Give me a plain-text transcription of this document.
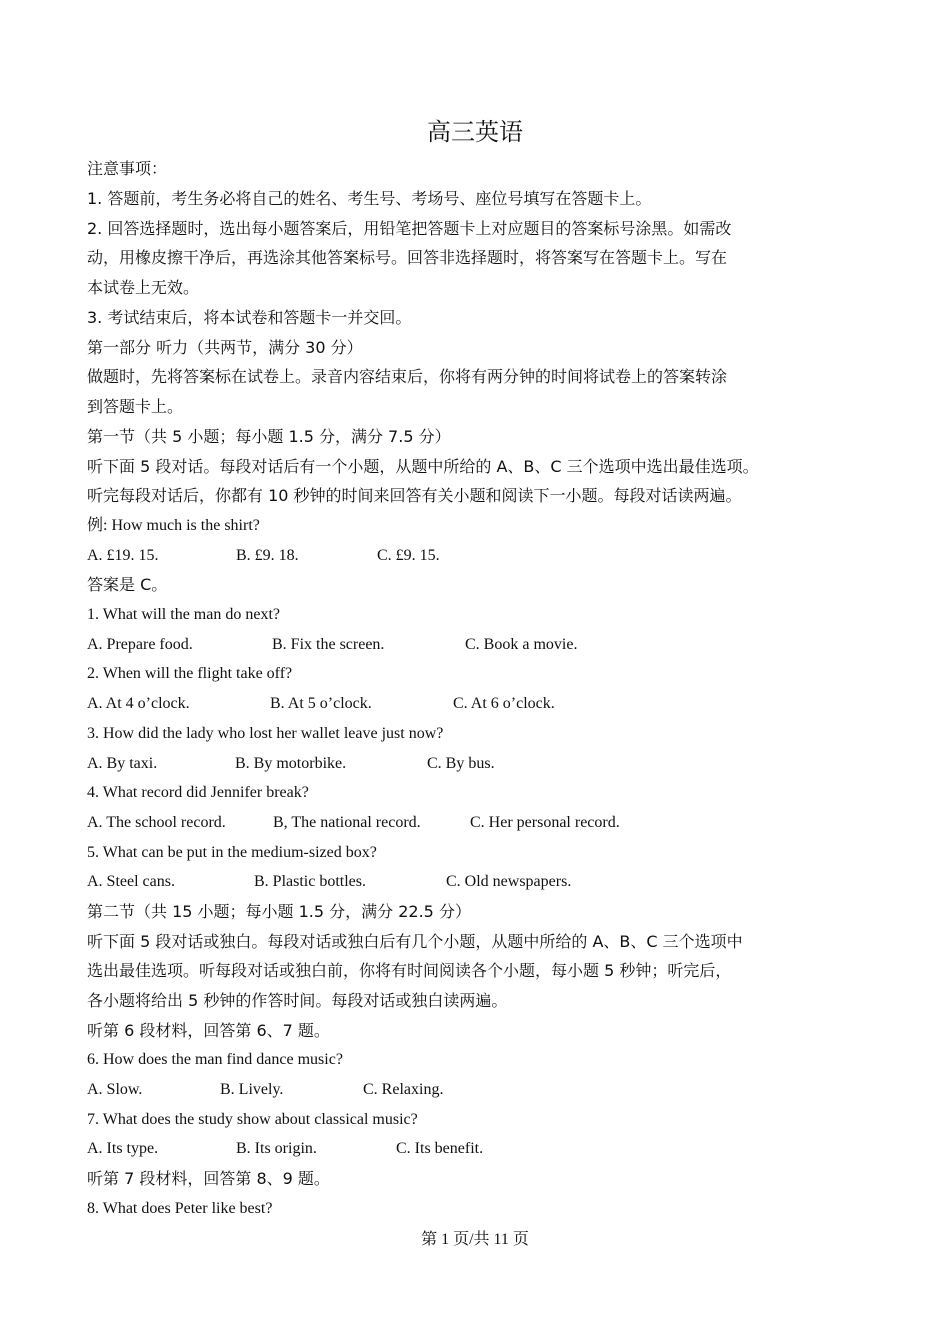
高三英语
注意事项：
1. 答题前，考生务必将自己的姓名、考生号、考场号、座位号填写在答题卡上。
2. 回答选择题时，选出每小题答案后，用铅笔把答题卡上对应题目的答案标号涂黑。如需改
动，用橡皮擦干净后，再选涂其他答案标号。回答非选择题时，将答案写在答题卡上。写在
本试卷上无效。
3. 考试结束后，将本试卷和答题卡一并交回。
第一部分 听力（共两节，满分 30 分）
做题时，先将答案标在试卷上。录音内容结束后，你将有两分钟的时间将试卷上的答案转涂
到答题卡上。
第一节（共 5 小题；每小题 1.5 分，满分 7.5 分）
听下面 5 段对话。每段对话后有一个小题，从题中所给的 A、B、C 三个选项中选出最佳选项。
听完每段对话后，你都有 10 秒钟的时间来回答有关小题和阅读下一小题。每段对话读两遍。
例: How much is the shirt?
A. £19. 15.	B. £9. 18.	C. £9. 15.
答案是 C。
1. What will the man do next?
A. Prepare food.	B. Fix the screen.	C. Book a movie.
2. When will the flight take off?
A. At 4 o’clock.	B. At 5 o’clock.	C. At 6 o’clock.
3. How did the lady who lost her wallet leave just now?
A. By taxi.	B. By motorbike.	C. By bus.
4. What record did Jennifer break?
A. The school record.	B, The national record.	C. Her personal record.
5. What can be put in the medium-sized box?
A. Steel cans.	B. Plastic bottles.	C. Old newspapers.
第二节（共 15 小题；每小题 1.5 分，满分 22.5 分）
听下面 5 段对话或独白。每段对话或独白后有几个小题，从题中所给的 A、B、C 三个选项中
选出最佳选项。听每段对话或独白前，你将有时间阅读各个小题，每小题 5 秒钟；听完后，
各小题将给出 5 秒钟的作答时间。每段对话或独白读两遍。
听第 6 段材料，回答第 6、7 题。
6. How does the man find dance music?
A. Slow.	B. Lively.	C. Relaxing.
7. What does the study show about classical music?
A. Its type.	B. Its origin.	C. Its benefit.
听第 7 段材料，回答第 8、9 题。
8. What does Peter like best?
第 1 页/共 11 页
